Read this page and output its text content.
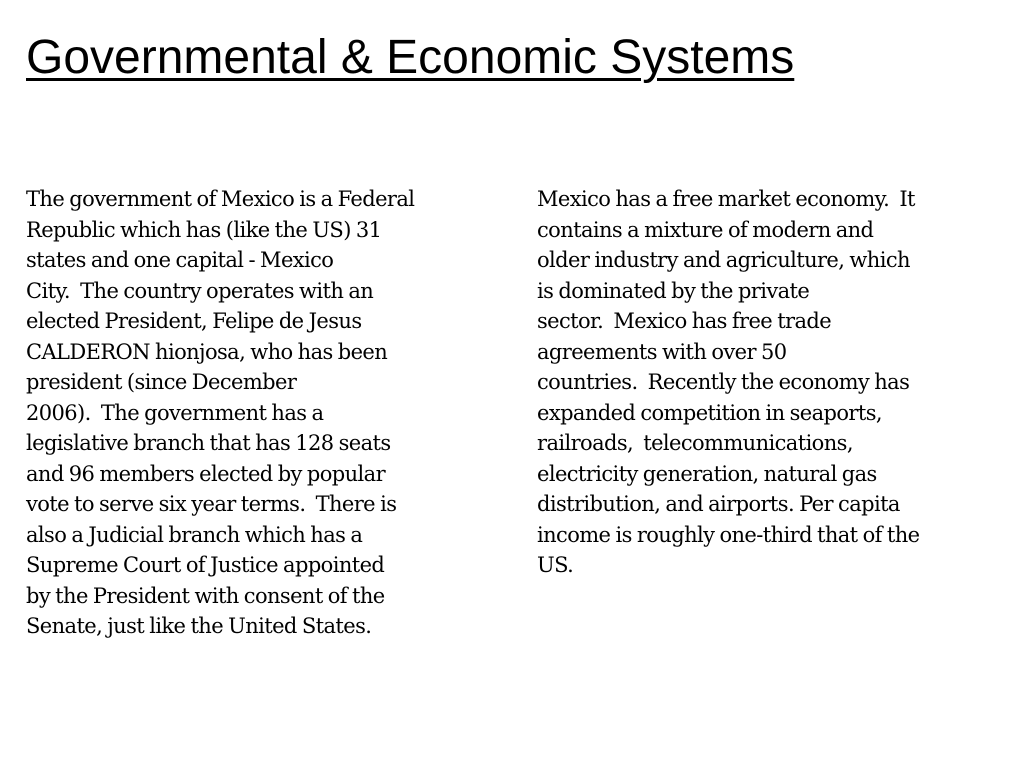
Governmental & Economic Systems
The government of Mexico is a Federal
Republic which has (like the US) 31
states and one capital - Mexico
City.  The country operates with an
elected President, Felipe de Jesus
CALDERON hionjosa, who has been
president (since December
2006).  The government has a
legislative branch that has 128 seats
and 96 members elected by popular
vote to serve six year terms.  There is
also a Judicial branch which has a
Supreme Court of Justice appointed
by the President with consent of the
Senate, just like the United States.
Mexico has a free market economy.  It
contains a mixture of modern and
older industry and agriculture, which
is dominated by the private
sector.  Mexico has free trade
agreements with over 50
countries.  Recently the economy has
expanded competition in seaports,
railroads,  telecommunications,
electricity generation, natural gas
distribution, and airports. Per capita
income is roughly one-third that of the
US.
